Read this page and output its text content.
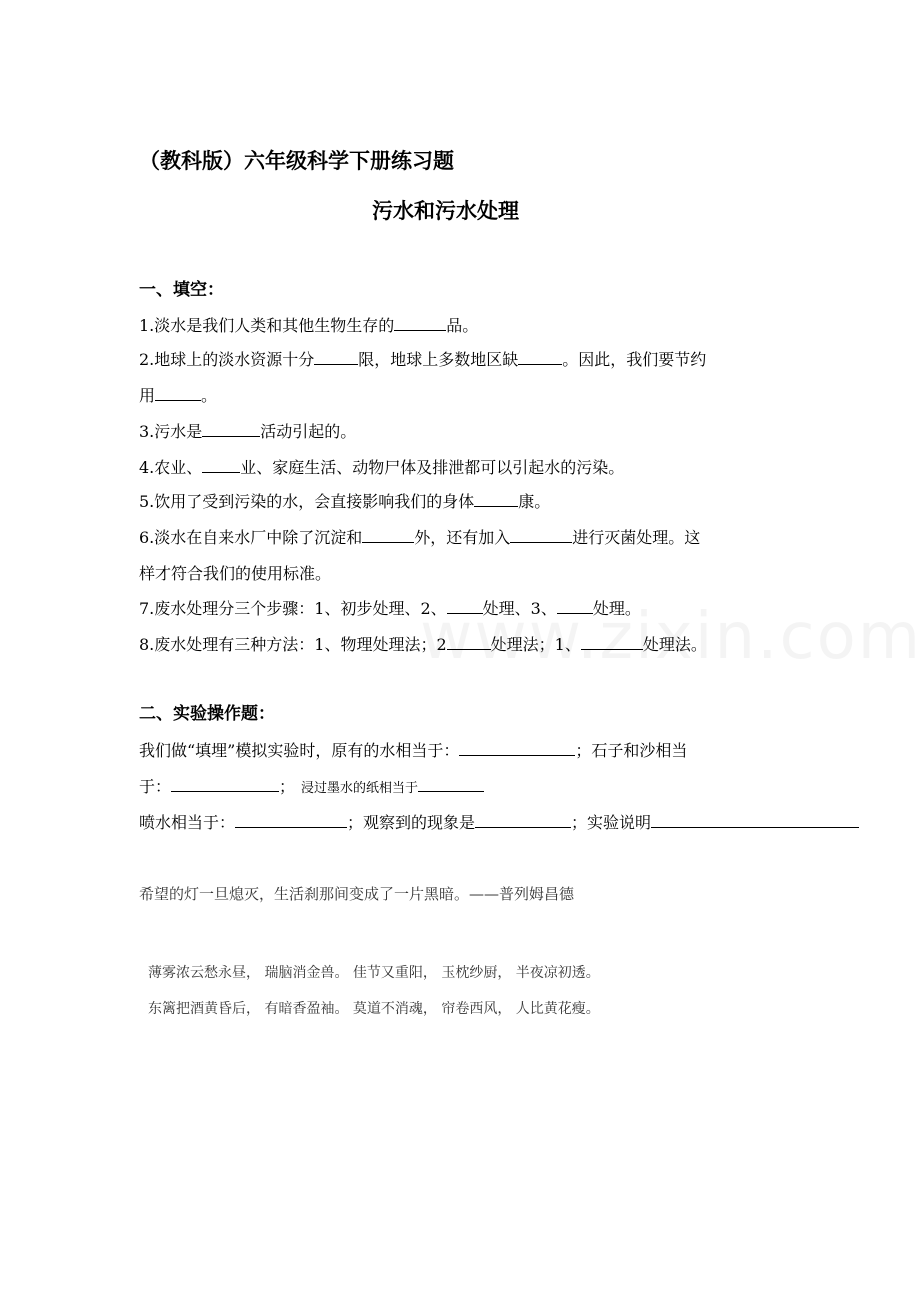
（教科版）六年级科学下册练习题
污水和污水处理
一、填空：
1.淡水是我们人类和其他生物生存的	品。
2.地球上的淡水资源十分	限，地球上多数地区缺	。因此，我们要节约
用	。
3.污水是	活动引起的。
4.农业、 业、家庭生活、动物尸体及排泄都可以引起水的污染。
5.饮用了受到污染的水，会直接影响我们的身体	康。
6.淡水在自来水厂中除了沉淀和	外，还有加入	进行灭菌处理。这
样才符合我们的使用标准。
7.废水处理分三个步骤：1、初步处理、2、 处理、3、 处理。
8.废水处理有三种方法：1、物理处理法；2	处理法；1、	处理法。
二、实验操作题：
我们做“填埋”模拟实验时，原有的水相当于：	；石子和沙相当
于：	； 浸过墨水的纸相当于
喷水相当于：	；观察到的现象是	；实验说明
希望的灯一旦熄灭，生活刹那间变成了一片黑暗。——普列姆昌德
薄雾浓云愁永昼， 瑞脑消金兽。 佳节又重阳， 玉枕纱厨， 半夜凉初透。
东篱把酒黄昏后， 有暗香盈袖。 莫道不消魂， 帘卷西风， 人比黄花瘦。
